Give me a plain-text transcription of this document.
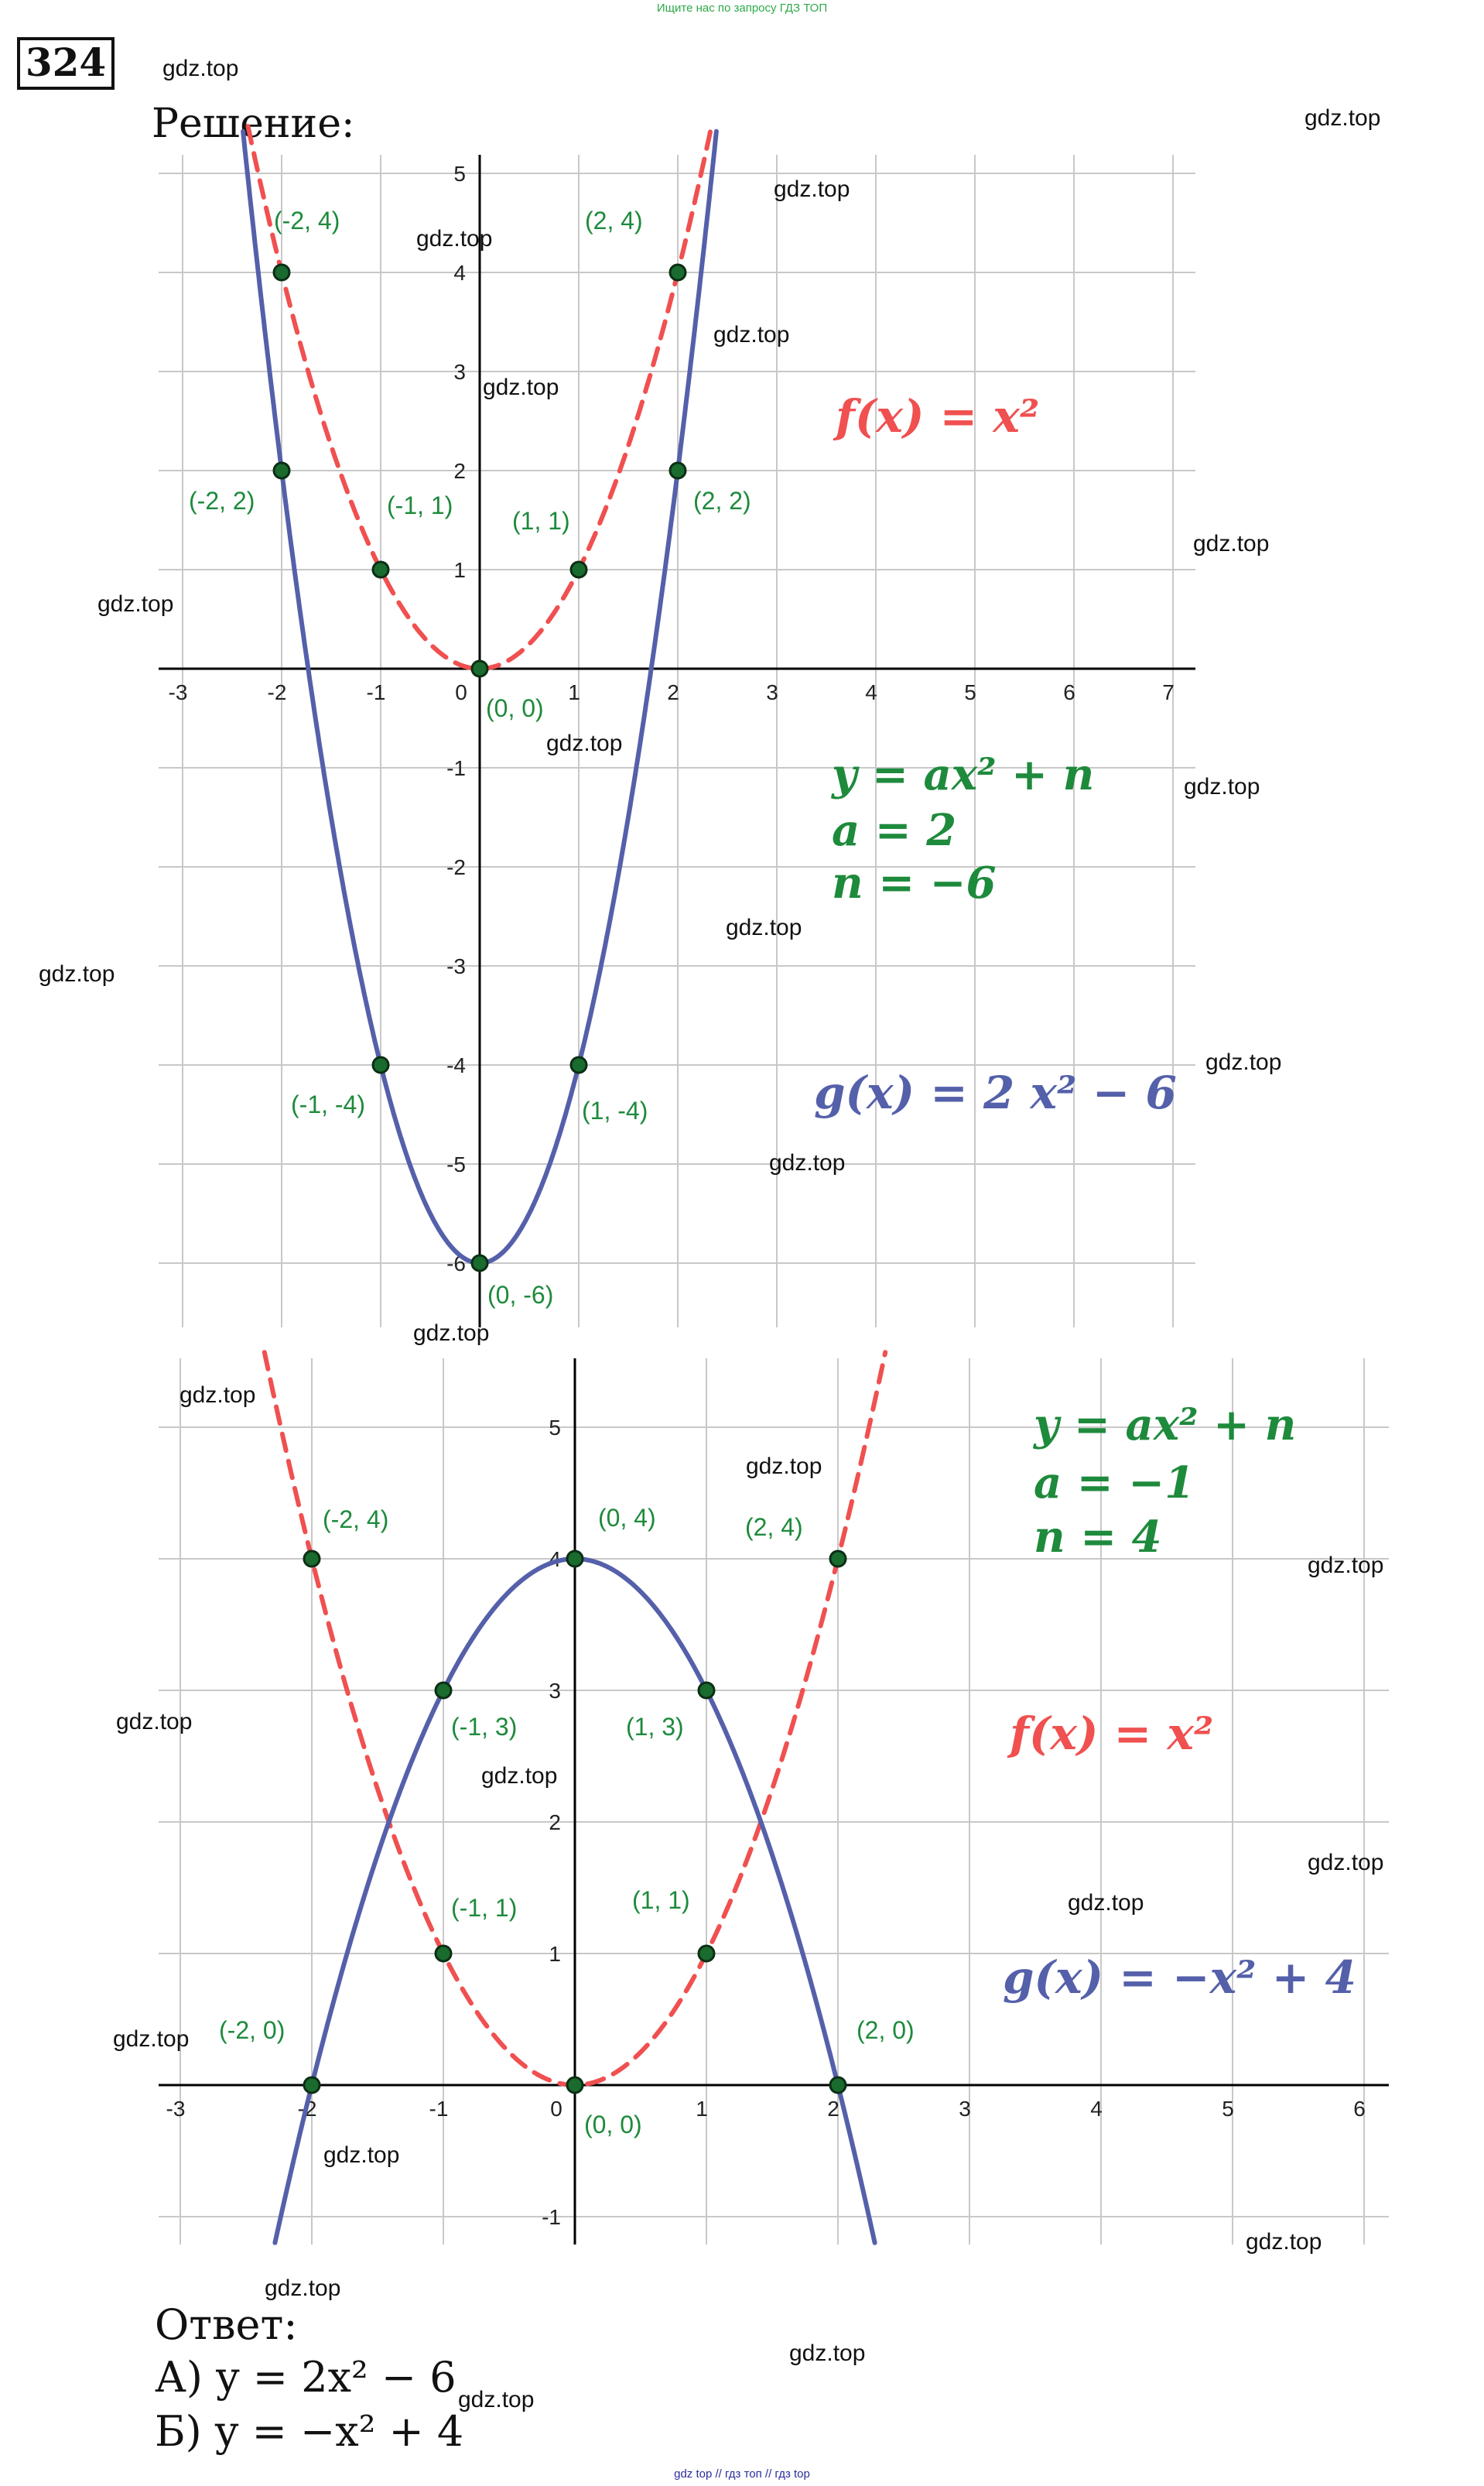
Ищите нас по запросу ГДЗ ТОП
324
Решение:
-3	-2	-1	0	1	2	3	4	5	6	7
-6
-5
-4
-3
-2
-1
1
2
3
4
5
(-2, 4)	(2, 4)
(-2, 2)	(2, 2)
(-1, 1)
(1, 1)
(0, 0)
(-1, -4)	(1, -4)
(0, -6)
-3	-2	-1	0	1	2	3	4	5	6
-1
1
2
3
4
5
(-2, 4)	(0, 4)	(2, 4)
(-1, 3)	(1, 3)
(-1, 1)	(1, 1)
(-2, 0)	(2, 0)
(0, 0)
f(x) = x²
y = ax² + n
a = 2
n = −6
g(x) = 2 x² − 6
y = ax² + n
a = −1
n = 4
f(x) = x²
g(x) = −x² + 4
gdz.top
gdz.top
gdz.top
gdz.top
gdz.top
gdz.top
gdz.top
gdz.top
gdz.top
gdz.top
gdz.top
gdz.top
gdz.top
gdz.top
gdz.top
gdz.top
gdz.top
gdz.top
gdz.top
gdz.top
gdz.top
gdz.top
gdz.top
gdz.top
gdz.top
gdz.top
gdz.top
gdz.top
Ответ:
А) y = 2x² − 6
Б) y = −x² + 4
gdz top // гдз топ // гдз top
